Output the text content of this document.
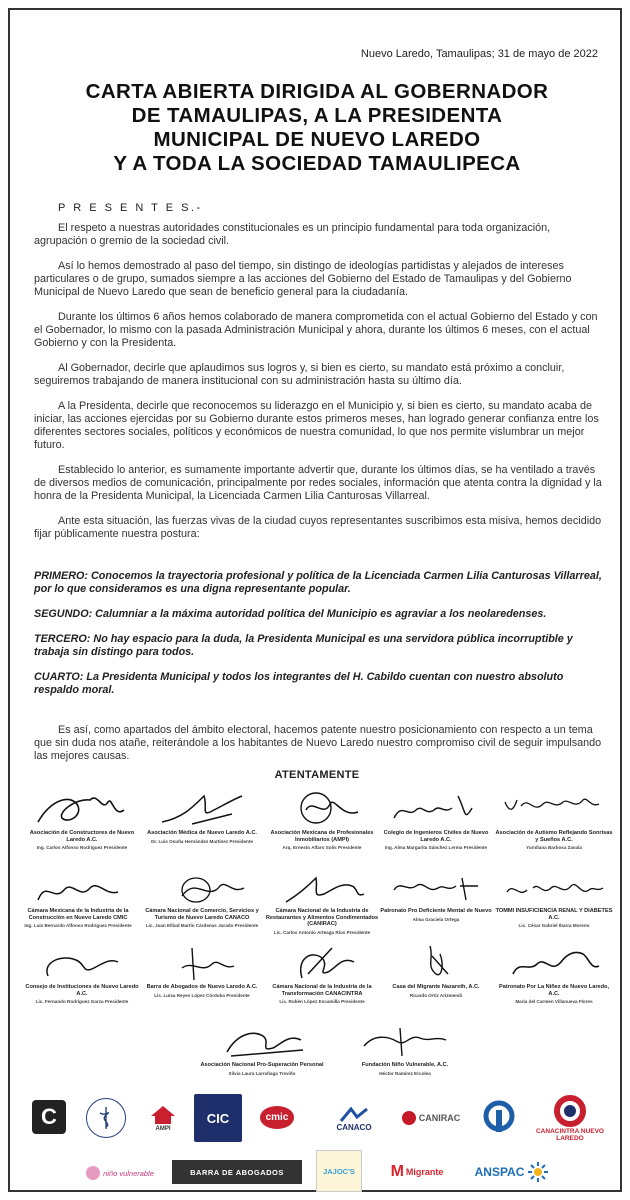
Nuevo Laredo, Tamaulipas; 31 de mayo de 2022
CARTA ABIERTA DIRIGIDA AL GOBERNADOR
DE TAMAULIPAS, A LA PRESIDENTA
MUNICIPAL DE NUEVO LAREDO
Y A TODA LA SOCIEDAD TAMAULIPECA
P R E S E N T E S.-

El respeto a nuestras autoridades constitucionales es un principio fundamental para toda organización, agrupación o gremio de la sociedad civil.

Así lo hemos demostrado al paso del tiempo, sin distingo de ideologías partidistas y alejados de intereses particulares o de grupo, sumados siempre a las acciones del Gobierno del Estado de Tamaulipas y del Gobierno Municipal de Nuevo Laredo que sean de beneficio general para la ciudadanía.

Durante los últimos 6 años hemos colaborado de manera comprometida con el actual Gobierno del Estado y con el Gobernador, lo mismo con la pasada Administración Municipal y ahora, durante los últimos 6 meses, con el actual Gobierno y con la Presidenta.

Al Gobernador, decirle que aplaudimos sus logros y, si bien es cierto, su mandato está próximo a concluir, seguiremos trabajando de manera institucional con su administración hasta su último día.

A la Presidenta, decirle que reconocemos su liderazgo en el Municipio y, si bien es cierto, su mandato acaba de iniciar, las acciones ejercidas por su Gobierno durante estos primeros meses, han logrado generar confianza entre los diferentes sectores sociales, políticos y económicos de nuestra comunidad, lo que nos permite vislumbrar un mejor futuro.

Establecido lo anterior, es sumamente importante advertir que, durante los últimos días, se ha ventilado a través de diversos medios de comunicación, principalmente por redes sociales, información que atenta contra la dignidad y la honra de la Presidenta Municipal, la Licenciada Carmen Lilia Canturosas Villarreal.

Ante esta situación, las fuerzas vivas de la ciudad cuyos representantes suscribimos esta misiva, hemos decidido fijar públicamente nuestra postura:

PRIMERO: Conocemos la trayectoria profesional y política de la Licenciada Carmen Lilia Canturosas Villarreal, por lo que consideramos es una digna representante popular.

SEGUNDO: Calumniar a la máxima autoridad política del Municipio es agraviar a los neolaredenses.

TERCERO: No hay espacio para la duda, la Presidenta Municipal es una servidora pública incorruptible y trabaja sin distingo para todos.

CUARTO: La Presidenta Municipal y todos los integrantes del H. Cabildo cuentan con nuestro absoluto respaldo moral.

Es así, como apartados del ámbito electoral, hacemos patente nuestro posicionamiento con respecto a un tema que sin duda nos atañe, reiterándole a los habitantes de Nuevo Laredo nuestro compromiso civil de seguir impulsando las mejores causas.

ATENTAMENTE
Asociación de Constructores de Nuevo Laredo A.C.
Ing. Carlos Alfonso Rodríguez Presidente
Asociación Médica de Nuevo Laredo A.C.
Dr. Luis Osuña Hernández Martínez Presidente
Asociación Mexicana de Profesionales Inmobiliarios (AMPI)
Arq. Ernesto Alfaro Solis Presidente
Colegio de Ingenieros Civiles de Nuevo Laredo A.C.
Ing. Alma Margarita Sánchez Lerma Presidente
Asociación de Autismo Reflejando Sonrisas y Sueños A.C.
Yuridiana Barbosa Zavala
Cámara Mexicana de la Industria de la Construcción en Nuevo Laredo CMIC
Ing. Luis Bernardo Alfonso Rodríguez Presidente
Cámara Nacional de Comercio, Servicios y Turismo de Nuevo Laredo CANACO
Lic. Juan Elliud Martín Cárdenas Jurado Presidente
Cámara Nacional de la Industria de Restaurantes y Alimentos Condimentados (CANIRAC)
Lic. Carlos Antonio Arteaga Ríos Presidente
Patronato Pro Deficiente Mental de Nuevo
Alma Graciela Ortega
TOMMI INSUFICIENCIA RENAL Y DIABETES A.C.
Lic. César Gabriel Ibarra Moreno
Consejo de Instituciones de Nuevo Laredo A.C.
Lic. Fernando Rodríguez Garza Presidente
Barra de Abogados de Nuevo Laredo A.C.
Lic. Luisa Reyes López Córdoba Presidente
Cámara Nacional de la Industria de la Transformación CANACINTRA
Lic. Rubén López Escamilla Presidente
Casa del Migrante Nazareth, A.C.
Ricardo Ortiz Arizmendi
Patronato Por La Niñez de Nuevo Laredo, A.C.
María del Carmen Villanueva Flores
Asociación Nacional Pro-Superación Personal
Silvia Laura Larrañaga Treviño
Fundación Niño Vulnerable, A.C.
Héctor Ramírez Ercolea
C	AMPI
CIC	cmic
CANACO
CANIRAC
CANACINTRA NUEVO LAREDO
niño vulnerable	BARRA DE ABOGADOS	JAJOC'S M Migrante	ANSPAC
